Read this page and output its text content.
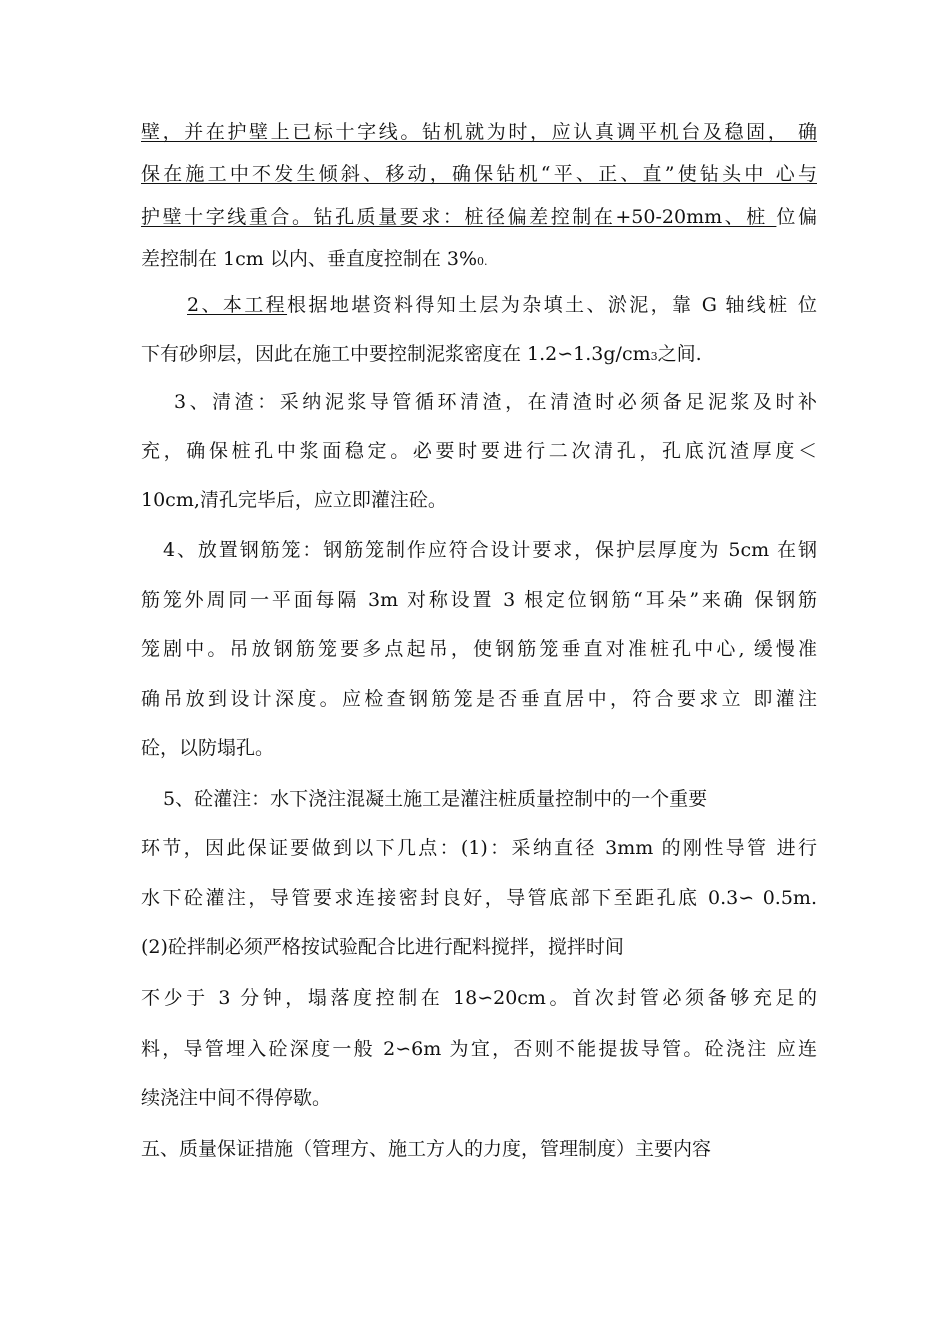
壁，并在护壁上已标十字线。钻机就为时，应认真调平机台及稳固， 确
保在施工中不发生倾斜、移动，确保钻机“平、正、直”使钻头中 心与
护壁十字线重合。钻孔质量要求：桩径偏差控制在+50-20mm、桩 位偏
差控制在 1cm 以内、垂直度控制在 3%0.
2、本工程根据地堪资料得知土层为杂填土、淤泥，靠 G 轴线桩 位
下有砂卵层，因此在施工中要控制泥浆密度在 1.2∽1.3g/cm3之间.
3、清渣：采纳泥浆导管循环清渣，在清渣时必须备足泥浆及时补
充，确保桩孔中浆面稳定。必要时要进行二次清孔，孔底沉渣厚度＜
10cm,清孔完毕后，应立即灌注砼。
4、放置钢筋笼：钢筋笼制作应符合设计要求，保护层厚度为 5cm 在钢
筋笼外周同一平面每隔 3m 对称设置 3 根定位钢筋“耳朵”来确 保钢筋
笼剧中。吊放钢筋笼要多点起吊，使钢筋笼垂直对准桩孔中心, 缓慢准
确吊放到设计深度。应检查钢筋笼是否垂直居中，符合要求立 即灌注
砼，以防塌孔。
5、砼灌注：水下浇注混凝土施工是灌注桩质量控制中的一个重要
环节，因此保证要做到以下几点：(1)：采纳直径 3mm 的刚性导管 进行
水下砼灌注，导管要求连接密封良好，导管底部下至距孔底 0.3∽ 0.5m.
(2)砼拌制必须严格按试验配合比进行配料搅拌，搅拌时间
不少于 3 分钟，塌落度控制在 18∽20cm。首次封管必须备够充足的
料，导管埋入砼深度一般 2∽6m 为宜，否则不能提拔导管。砼浇注 应连
续浇注中间不得停歇。
五、质量保证措施（管理方、施工方人的力度，管理制度）主要内容
